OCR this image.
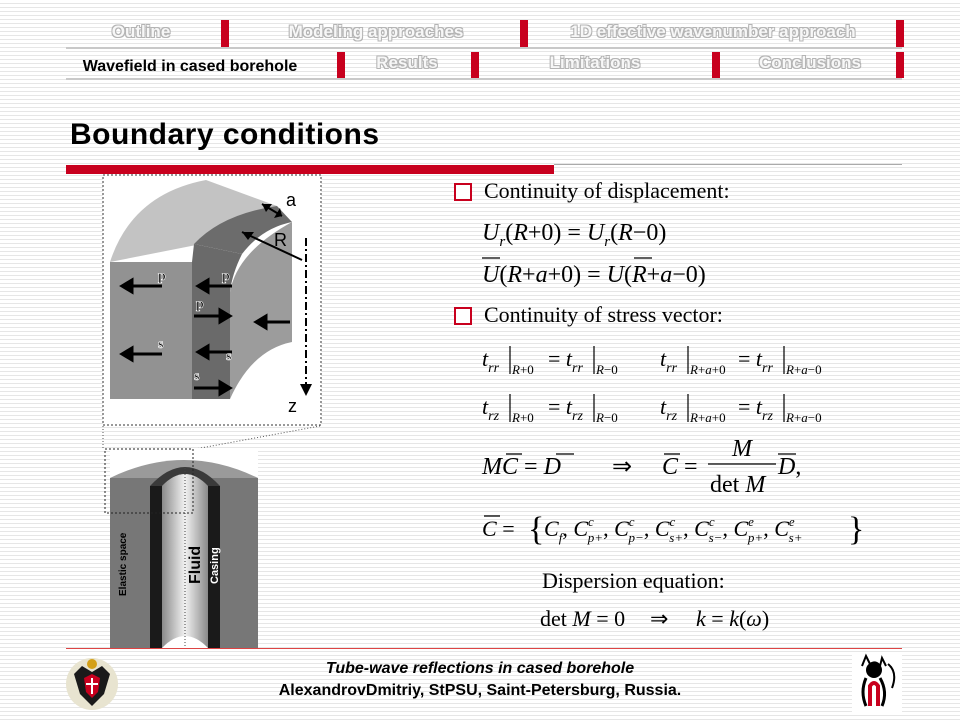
Outline	Modeling approaches	1D effective wavenumber approach
Wavefield in cased borehole	Results	Limitations	Conclusions
Boundary conditions
p	p
p
s
s
s
a
R
z
Elastic space	Fluid Casing
Continuity of displacement:
$U_r(R+0) = U_r(R-0)$
U(R+a+0) = U(R+a−0)
Continuity of stress vector:
$t_{rr}$ $R+0 = t_{rr}$ R−0 $t_{rr}$ $R+a+0 = t_{rr}$ R+a−0
$t_{rz}$ $R+0 = t_{rz}$ R−0 $t_{rz}$ $R+a+0 = t_{rz}$ R+a−0
MC = D ⇒ C =
M
det M
D,
C = { $C_f$, $C^c$ p+, $C^c$ p−, $C^c$ s+, $C^c$ s−, Ce p+, Ce s+ }
Dispersion equation:
det M = 0 ⇒ k = k(ω)
Tube-wave reflections in cased borehole
AlexandrovDmitriy, StPSU, Saint-Petersburg, Russia.
